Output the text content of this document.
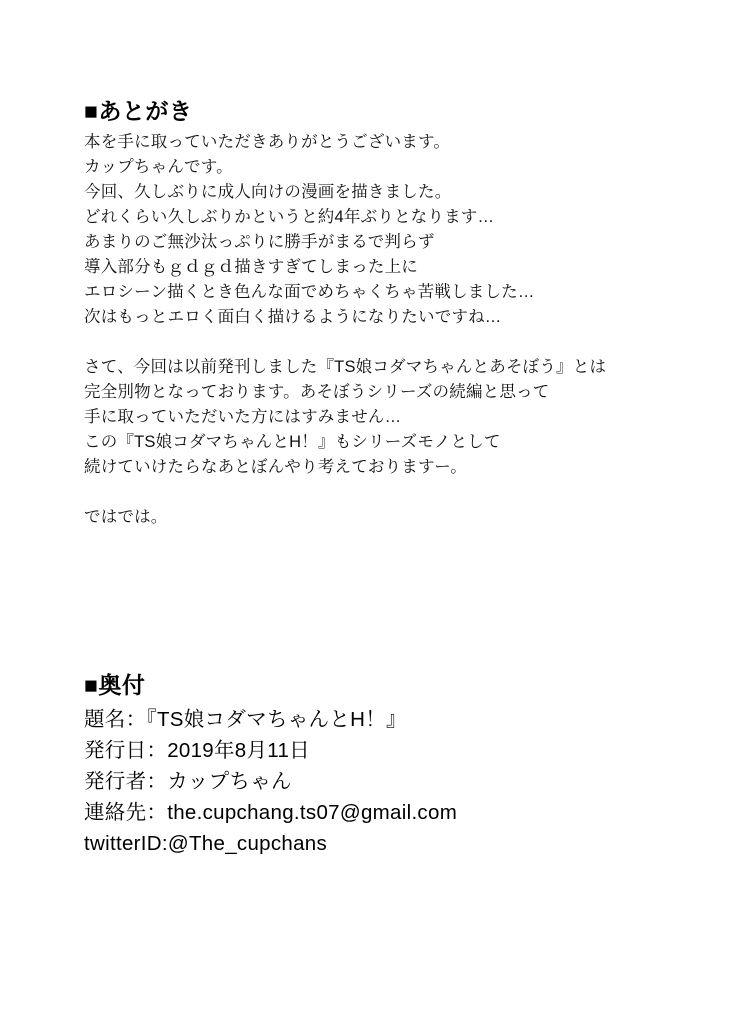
■あとがき
本を手に取っていただきありがとうございます。
カップちゃんです。
今回、久しぶりに成人向けの漫画を描きました。
どれくらい久しぶりかというと約4年ぶりとなります…
あまりのご無沙汰っぷりに勝手がまるで判らず
導入部分もｇｄｇｄ描きすぎてしまった上に
エロシーン描くとき色んな面でめちゃくちゃ苦戦しました…
次はもっとエロく面白く描けるようになりたいですね…
さて、今回は以前発刊しました『TS娘コダマちゃんとあそぼう』とは
完全別物となっております。あそぼうシリーズの続編と思って
手に取っていただいた方にはすみません…
この『TS娘コダマちゃんとH！』もシリーズモノとして
続けていけたらなあとぼんやり考えておりますー。
ではでは。
■奥付
題名：『TS娘コダマちゃんとH！』
発行日：2019年8月11日
発行者：カップちゃん
連絡先：the.cupchang.ts07@gmail.com
twitterID:@The_cupchans
